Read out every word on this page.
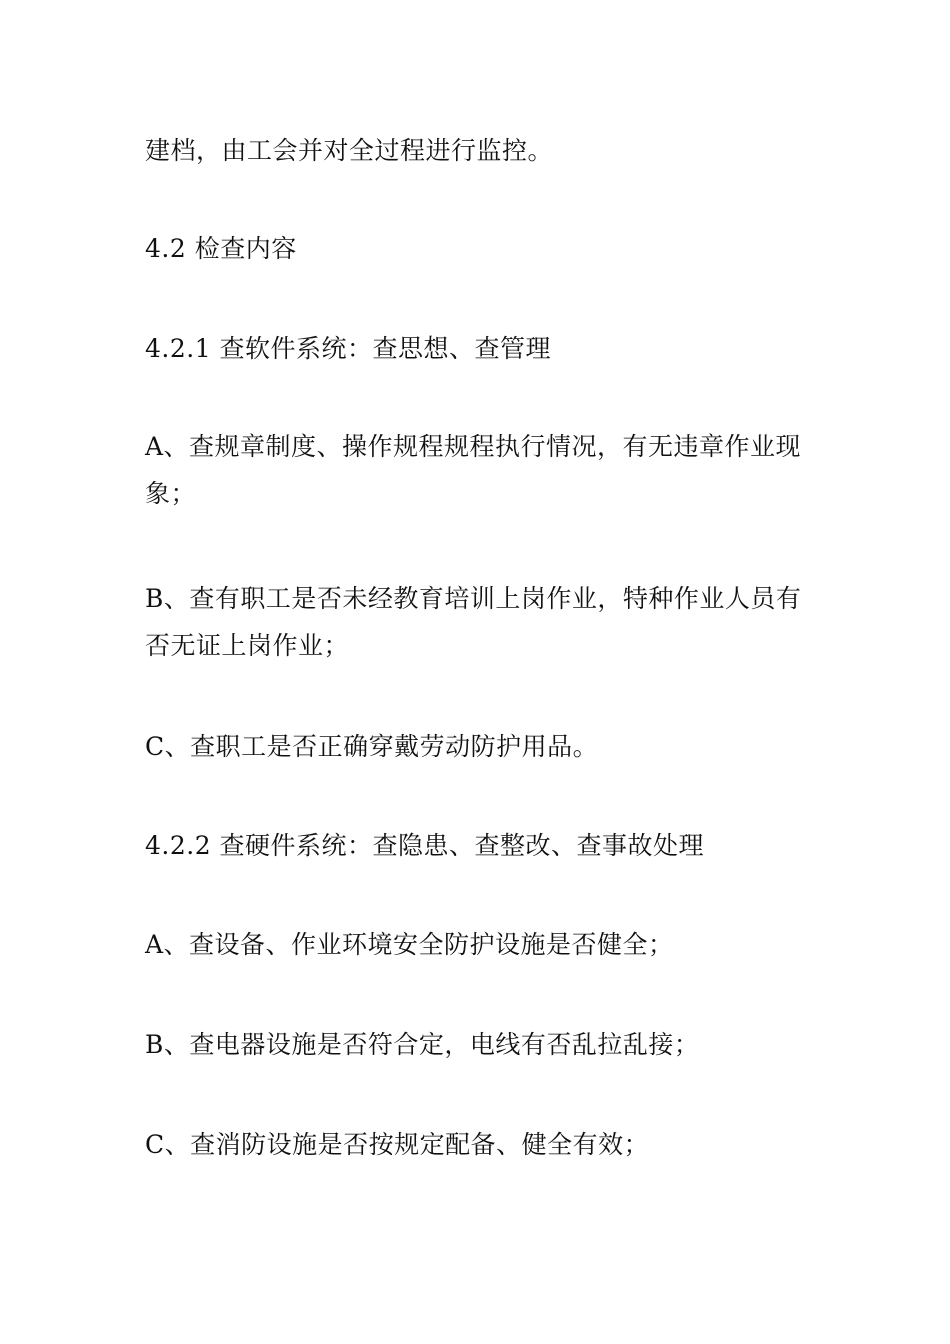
建档，由工会并对全过程进行监控。

4.2 检查内容

4.2.1 查软件系统：查思想、查管理

A、查规章制度、操作规程规程执行情况，有无违章作业现象；

B、查有职工是否未经教育培训上岗作业，特种作业人员有否无证上岗作业；

C、查职工是否正确穿戴劳动防护用品。

4.2.2 查硬件系统：查隐患、查整改、查事故处理

A、查设备、作业环境安全防护设施是否健全；

B、查电器设施是否符合定，电线有否乱拉乱接；

C、查消防设施是否按规定配备、健全有效；
